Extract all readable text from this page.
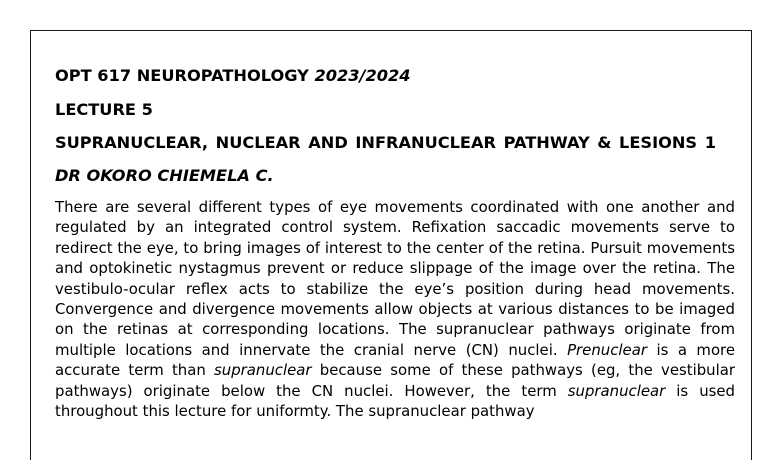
OPT 617 NEUROPATHOLOGY 2023/2024

LECTURE 5

SUPRANUCLEAR, NUCLEAR AND INFRANUCLEAR PATHWAY & LESIONS 1

DR OKORO CHIEMELA C.

There are several different types of eye movements coordinated with one another and regulated by an integrated control system. Refixation saccadic movements serve to redirect the eye, to bring images of interest to the center of the retina. Pursuit movements and optokinetic nystagmus prevent or reduce slippage of the image over the retina. The vestibulo-ocular reflex acts to stabilize the eye’s position during head movements. Convergence and divergence movements allow objects at various distances to be imaged on the retinas at corresponding locations. The supranuclear pathways originate from multiple locations and innervate the cranial nerve (CN) nuclei. Prenuclear is a more accurate term than supranuclear because some of these pathways (eg, the vestibular pathways) originate below the CN nuclei. However, the term supranuclear is used throughout this lecture for uniformty. The supranuclear pathway
